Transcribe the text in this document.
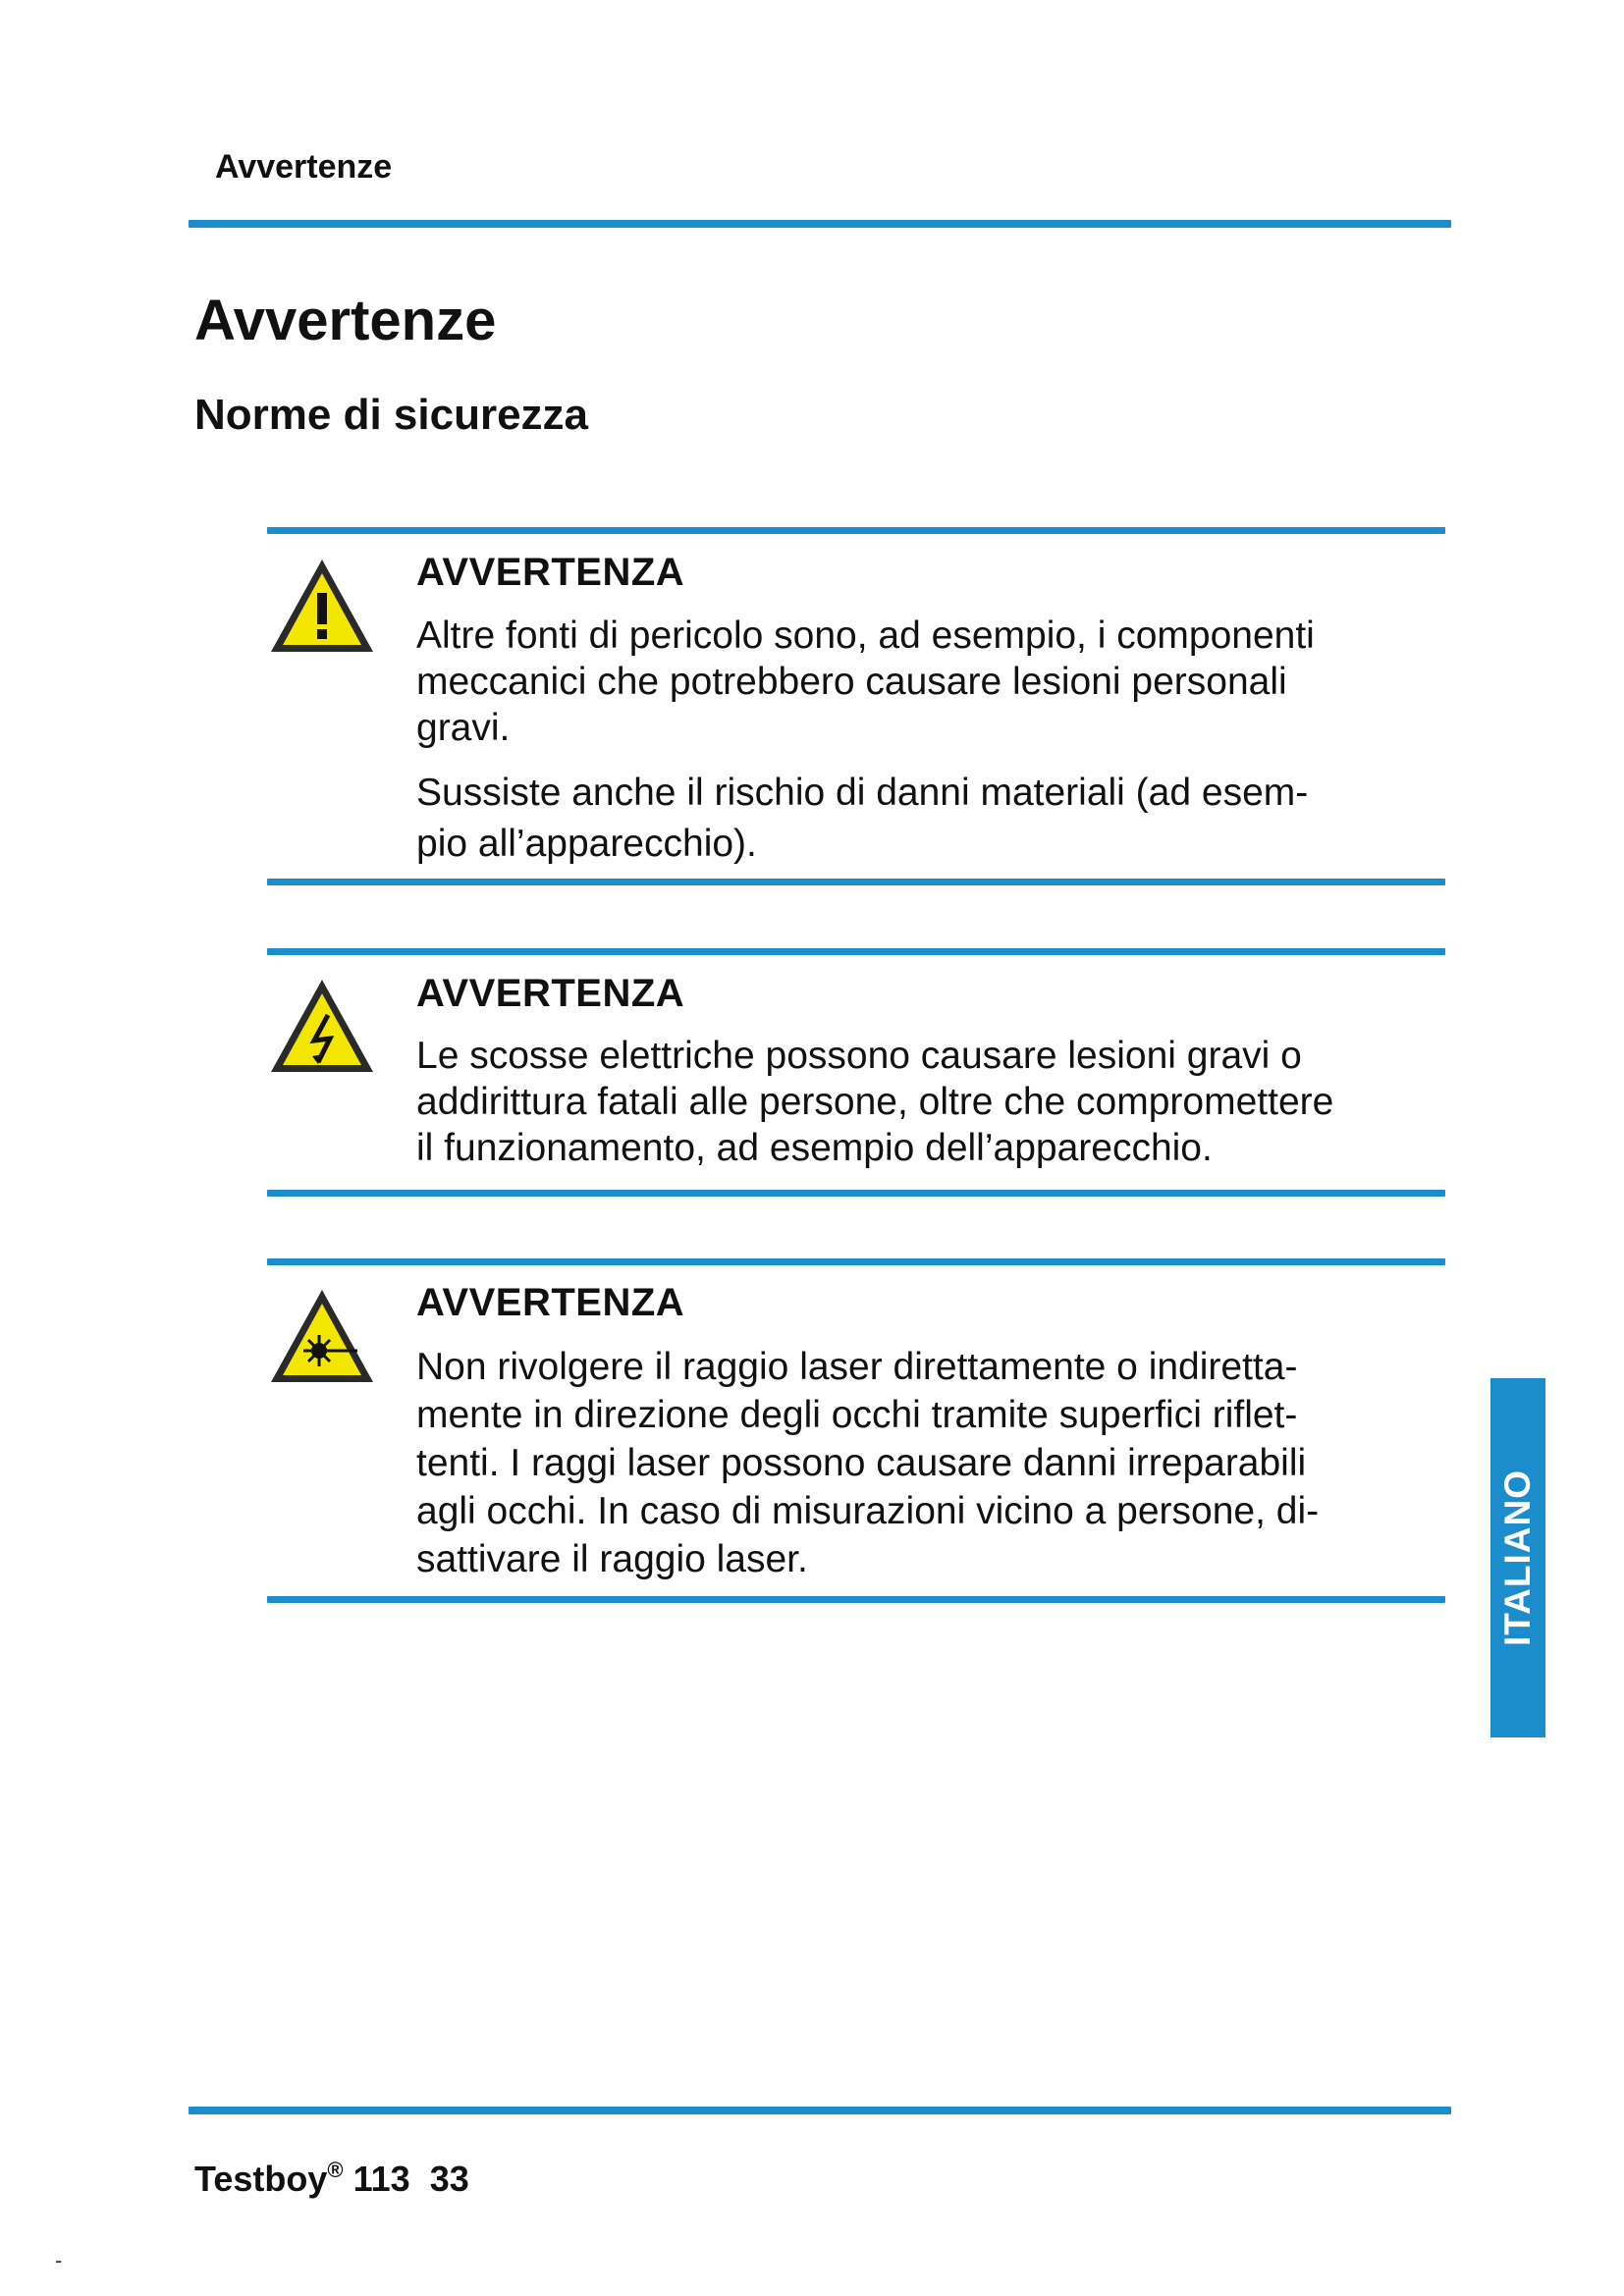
Avvertenze
Avvertenze
Norme di sicurezza
AVVERTENZA

Altre fonti di pericolo sono, ad esempio, i componenti
meccanici che potrebbero causare lesioni personali
gravi.

Sussiste anche il rischio di danni materiali (ad esem-
pio all’apparecchio).

AVVERTENZA

Le scosse elettriche possono causare lesioni gravi o
addirittura fatali alle persone, oltre che compromettere
il funzionamento, ad esempio dell’apparecchio.

AVVERTENZA

Non rivolgere il raggio laser direttamente o indiretta-
mente in direzione degli occhi tramite superfici riflet-
tenti. I raggi laser possono causare danni irreparabili
agli occhi. In caso di misurazioni vicino a persone, di-
sattivare il raggio laser.	ITALIANO
Testboy® 113 33
-
